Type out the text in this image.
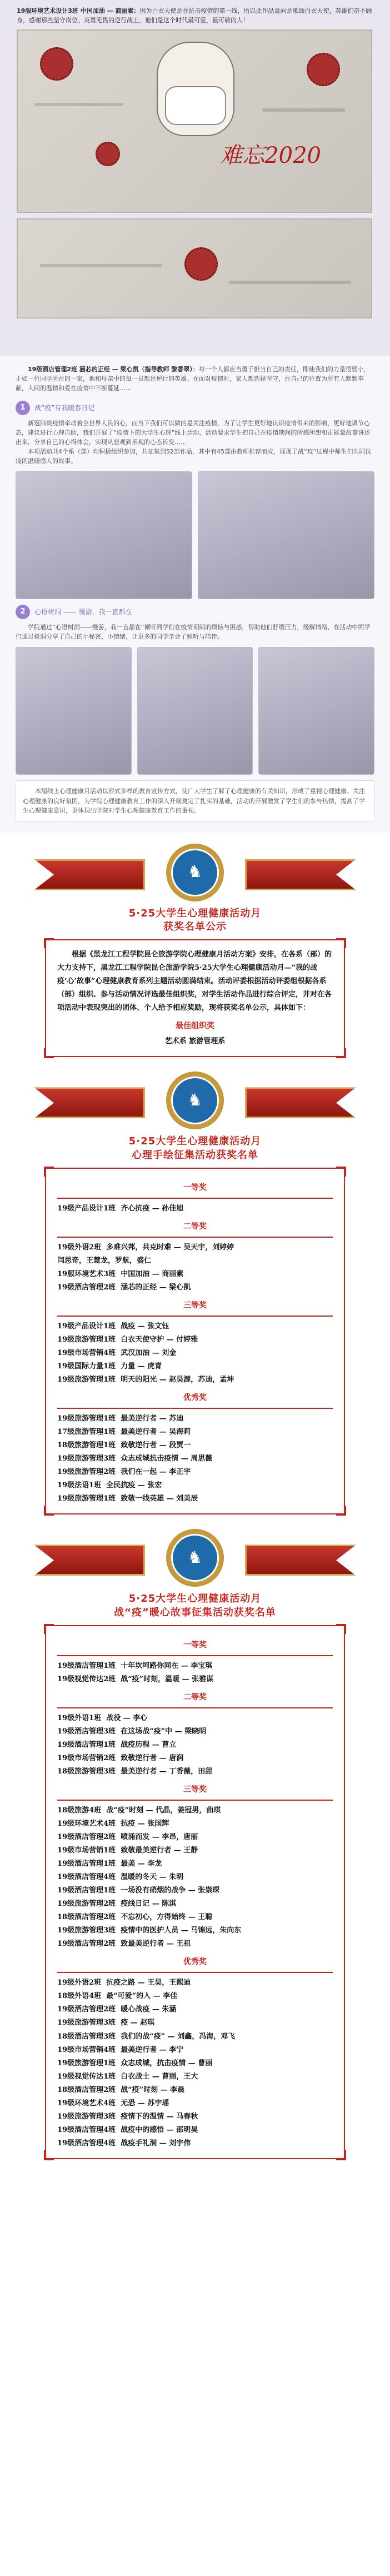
19服环境艺术设计3班 中国加油 — 商丽素：因为白衣天使是在抗击疫情的第一线，所以此作品意向是歌颂白衣天使，英雄们奋不顾身，感谢那些坚守岗位、英勇无畏的逆行战士，他们是这个时代最可爱，最可敬的人！

难忘2020

19级酒店管理2班 涵芯的正经 — 梁心凯（指导教师 黎香翠）：每一个人都应当勇于担当自己的责任，即使我们的力量很弱小，正如一位同学所在的一家，他和母亲中的每一员都是逆行的英雄。在面对疫情时，家人都选择坚守，在自己的位置为所有人默默奉献，人间的温情和爱在疫情中不断蔓延……

1	战“疫”有我暖春日记

新冠肺炎疫情牵动着全世界人民的心，而当下我们可以做的是关注疫情，为了让学生更好地认识疫情带来的影响，更好地调节心态，建议进行心理自助，我们开展了“疫情下的大学生心理”线上活动，活动要求学生把自己在疫情期间的所感所想和正能量故事讲述出来，分享自己的心得体会，实现从悲观到乐观的心态转变……

本项活动共4个系（部）均积极组织参加，共征集到52部作品，其中有45部由教师推荐而成，展现了战“疫”过程中师生们共同抗疫的温暖感人的故事。

2	心语树洞 —— 慢游，我一直都在

学院通过“心语树洞——慢游，我一直都在”倾听同学们在疫情期间的烦恼与困惑，帮助他们舒缓压力，缓解情绪，在活动中同学们通过树洞分享了自己的小秘密、小情绪，让更多的同学学会了倾听与陪伴。

本届线上心理健康月活动以形式多样的教育宣传方式，使广大学生了解了心理健康的有关知识，形成了重视心理健康、关注心理健康的良好氛围，为学院心理健康教育工作的深入开展奠定了扎实的基础，活动的开展激发了学生们的参与热情，提高了学生心理健康意识，更体现出学院对学生心理健康教育工作的重视。

♞
5·25大学生心理健康活动月
获奖名单公示

根据《黑龙江工程学院昆仑旅游学院心理健康月活动方案》安排，在各系（部）的大力支持下，黑龙江工程学院昆仑旅游学院5·25大学生心理健康活动月—“我的战疫‘心’故事”心理健康教育系列主题活动圆满结束。活动评委根据活动评委组根据各系（部）组织、参与活动情况评选最佳组织奖，对学生活动作品进行综合评定，并对在各项活动中表现突出的团体、个人给予相应奖励，现将获奖名单公示，具体如下：

最佳组织奖
艺术系 旅游管理系
♞
5·25大学生心理健康活动月
心理手绘征集活动获奖名单
一等奖
19级产品设计1班  齐心抗疫 — 孙佳旭
二等奖
19级外语2班  多难兴邦，共克时难 — 吴天宇，刘婷婷
闫思奇，王慧龙，罗航，盛仁
19服环境艺术3班  中国加油 — 商丽素
19级酒店管理2班  涵芯的正经 — 梁心凯
三等奖
19级产品设计1班  战疫 — 张文钰
19级旅游管理1班  白衣天使守护 — 付婷雅
19级市场营销4班  武汉加油 — 刘金
19级国际力量1班  力量 — 虎青
19级旅游管理1班  明天的阳光 — 赵昊源，苏迪，孟坤
优秀奖
19级旅游管理1班  最美逆行者 — 苏迪
17级旅游管理1班  最美逆行者 — 吴海莉
18级旅游管理1班  致敬逆行者 — 段贾一
19级旅游管理3班  众志成城抗击疫情 — 周思薇
19级旅游管理2班  我们在一起 — 李正宇
19级法语1班  全民抗疫 — 张宏
19级旅游管理1班  致敬一线英雄 — 刘美辰
♞
5·25大学生心理健康活动月
战“疫”暖心故事征集活动获奖名单
一等奖
19级酒店管理1班  十年坎坷路你同在 — 李宝琪
19级视觉传达2班  战“疫”时刻，温暖 — 张雅谋
二等奖
19级外语1班  战役 — 李心
19级酒店管理3班  在这场战“疫”中 — 梁晓明
19级酒店管理1班  战疫历程 — 曹立
19级市场营销2班  致敬逆行者 — 唐润
18级旅游管理3班  最美逆行者 — 丁香薇，田甜
三等奖
18级旅游4班  战“疫”时刻 — 代晶，姜冠男，曲琪
19级环境艺术4班  抗疫 — 张国辉
19级酒店管理2班  喷涌而发 — 李昂，唐丽
19级市场营销1班  致敬最美逆行者 — 王静
19级酒店管理1班  最美 — 李龙
19级酒店管理4班  温暖的冬天 — 朱明
19级酒店管理1班  一场没有硝烟的战争 — 张崇琛
19级旅游管理2班  疫线日记 — 陈淇
18级酒店管理2班  不忘初心，方得始终 — 王聪
19级旅游管理3班  疫情中的医护人员 — 马锦远，朱向东
19级酒店管理2班  致最美逆行者 — 王祖
优秀奖
19级外语2班  抗疫之路 — 王昊，王熙迪
18级外语4班  最“可爱”的人 — 李佳
19级酒店管理2班  暖心战疫 — 朱涵
19级旅游管理3班  疫 — 赵琪
18级酒店管理3班  我们的战“疫” — 刘鑫，冯海，邓飞
19级市场营销4班  最美逆行者 — 李宁
19级旅游管理1班  众志成城，抗击疫情 — 曹丽
19级视觉传达1班  白衣战士 — 曹丽，王大
18级酒店管理2班  战“疫”时刻 — 李晨
19级环境艺术4班  无恐 — 苏宇瑶
19级旅游管理3班  疫情下的温情 — 马春秋
19级酒店管理4班  战疫中的感悟 — 邵明昊
19级酒店管理4班  战疫手礼洞 — 刘宇伟
